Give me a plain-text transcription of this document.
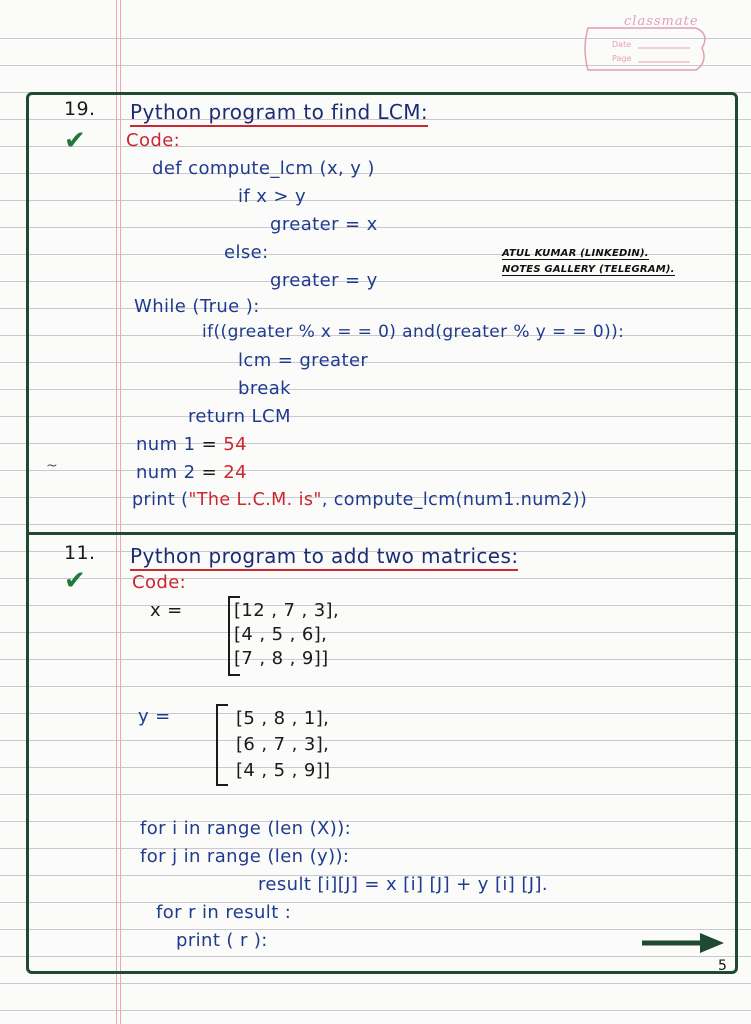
classmate
Date
Page
19. Python program to find LCM:
✔ Code:
def compute_lcm (x, y )
if x > y
greater = x
else:
greater = y
While (True ):
if((greater % x = = 0) and(greater % y = = 0)):
lcm = greater
break
return LCM
num 1 = 54
num 2 = 24
~
print ("The L.C.M. is", compute_lcm(num1.num2))
ATUL KUMAR (LINKEDIN).
NOTES GALLERY (TELEGRAM).
11. Python program to add two matrices:
✔	Code:
x =	[12 , 7 , 3],
[4 , 5 , 6],
[7 , 8 , 9]]
y =	[5 , 8 , 1],
[6 , 7 , 3],
[4 , 5 , 9]]
for i in range (len (X)):
for j in range (len (y)):
result [i][J] = x [i] [J] + y [i] [J].
for r in result :
print ( r ):
5
